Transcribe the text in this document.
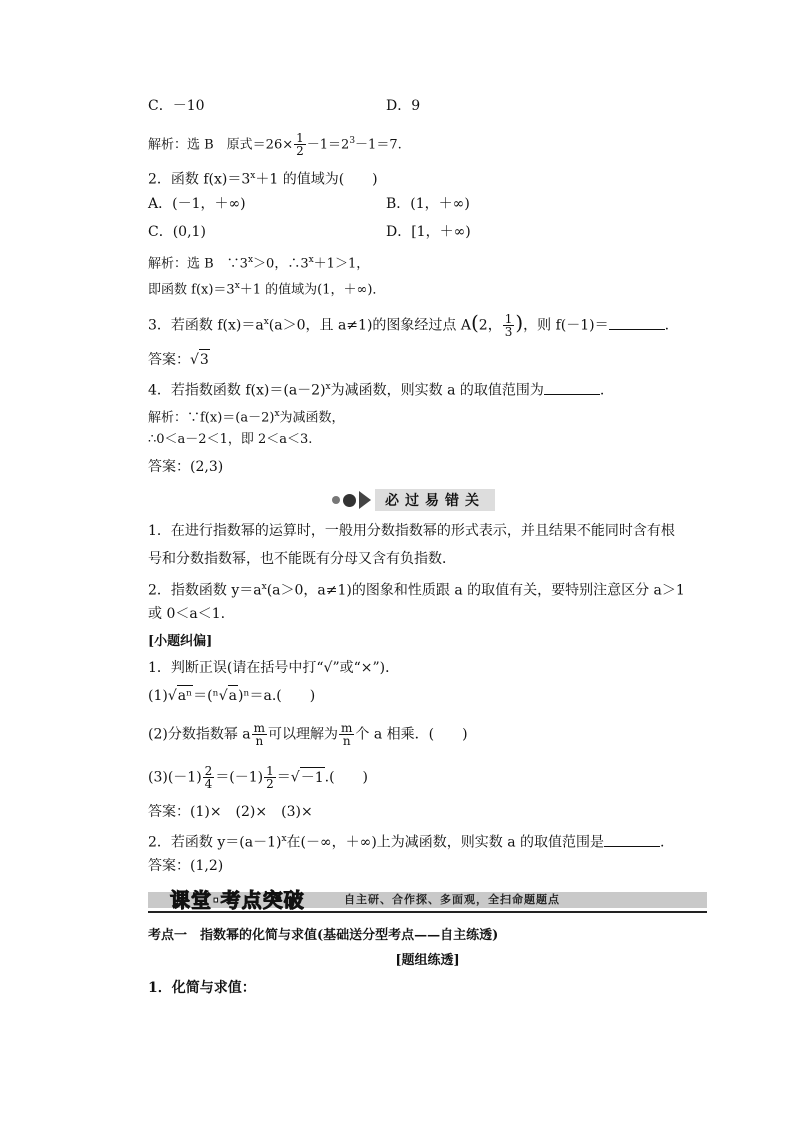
C．－10	D．9
解析：选 B　原式$=26\times \frac{1}{2} -1=2^3-1=7$.
2．函数 $f(x)=3^x+1$ 的值域为(　　)
A．(－1，＋∞)	B．(1，＋∞)
C．(0,1)	D．[1，＋∞)
解析：选 B　$\because 3^x>0$，$\therefore 3^x+1>1$，
即函数 $f(x)=3^x+1$ 的值域为(1，＋∞)．
3．若函数 $f(x)=a^x(a>0$，且 a≠1)的图象经过点 A(2， $\frac{1}{3}$ )，则 f(－1)＝	.
答案：√3
4．若指数函数 $f(x)=(a-2)^x$为减函数，则实数 a 的取值范围为	.
解析：$\because f(x)=(a-2)^x$为减函数，
∴0＜a－2＜1，即 2＜a＜3.
答案：(2,3)
必过易错关
1．在进行指数幂的运算时，一般用分数指数幂的形式表示，并且结果不能同时含有根
号和分数指数幂，也不能既有分母又含有负指数．
2．指数函数 $y=a^x(a>0$，a≠1)的图象和性质跟 a 的取值有关，要特别注意区分 a＞1
或 0＜a＜1.
[小题纠偏]
1．判断正误(请在括号中打“√”或“×”)．
(1)√aⁿ＝(ⁿ√a)ⁿ＝a.(　　)
(2)分数指数幂 a $\frac{m}{n}$ 可以理解为 $\frac{m}{n}$ 个 a 相乘．(　　)
$(3)(-1) \frac{2}{4} =(-1) \frac{1}{2} =√-1$.(　　)
答案：(1)×　(2)×　(3)×
2．若函数 $y=(a-1)^x$在(－∞，＋∞)上为减函数，则实数 a 的取值范围是	.
答案：(1,2)
课堂·考点突破	自主研、合作探、多面观，全扫命题题点
考点一　指数幂的化简与求值(基础送分型考点——自主练透)
[题组练透]
1．化简与求值：
